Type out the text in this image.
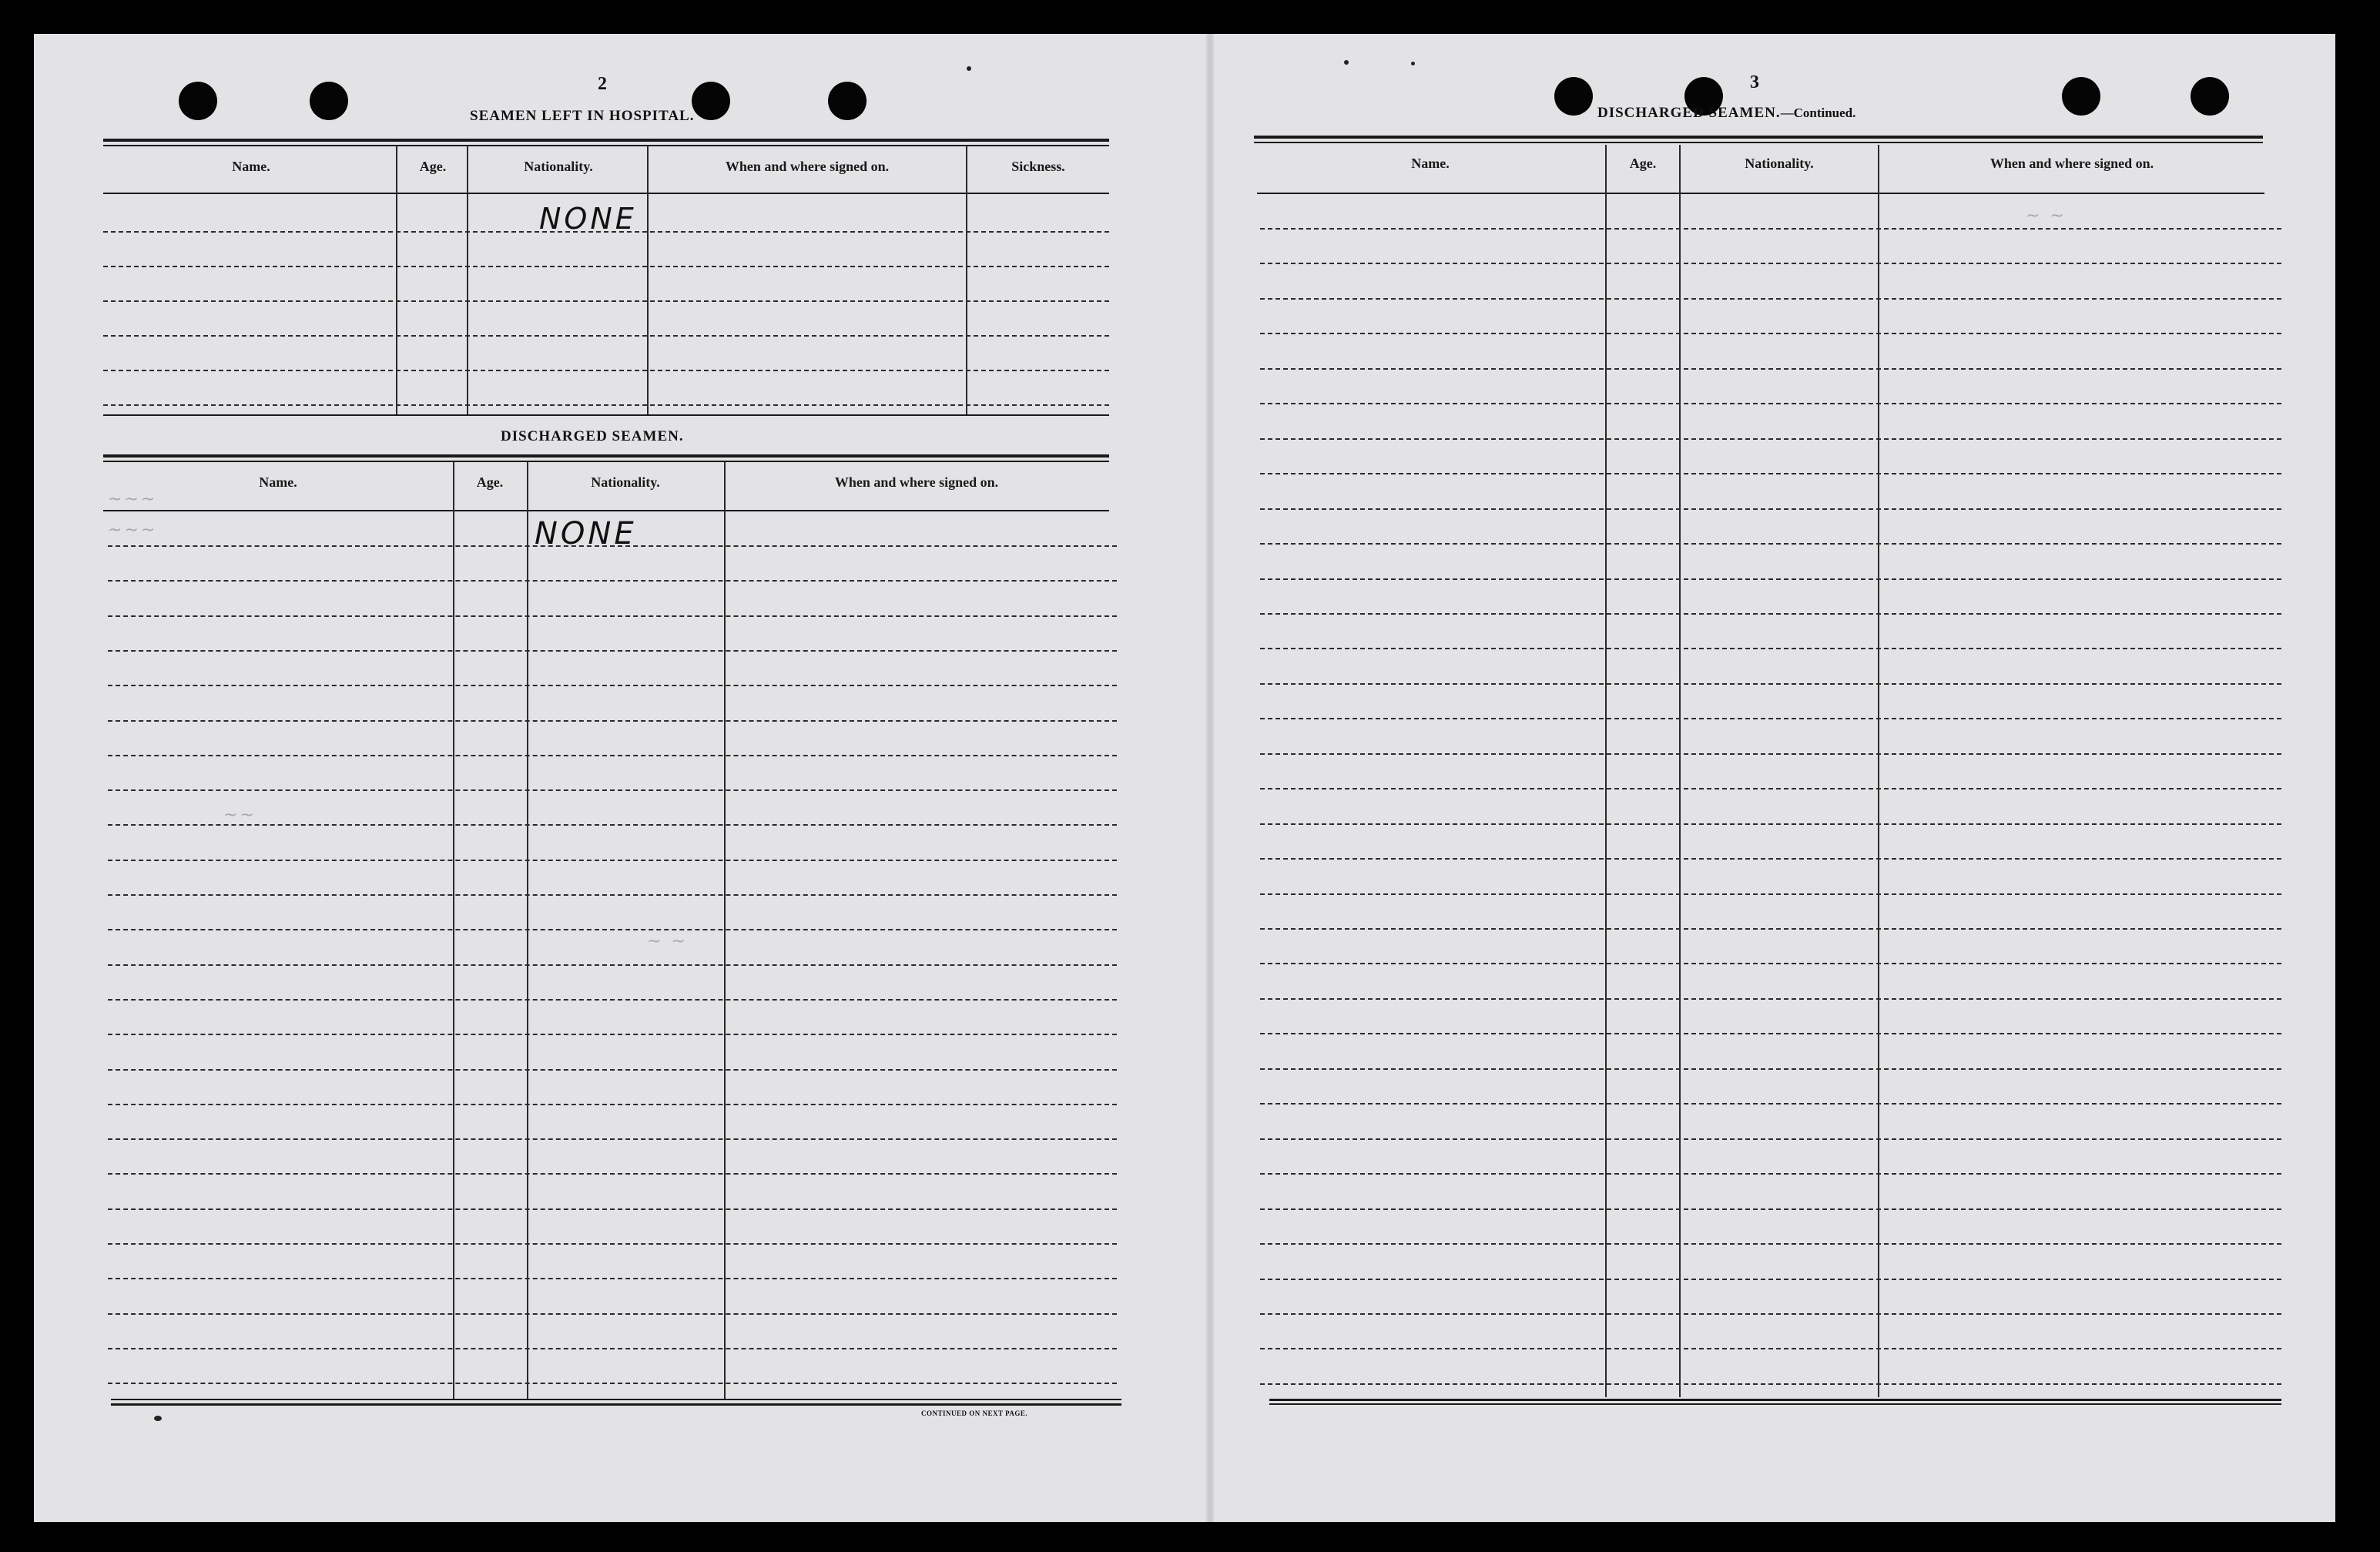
2
SEAMEN LEFT IN HOSPITAL.
Name.	Age.	Nationality.	When and where signed on.	Sickness.
NONE
DISCHARGED SEAMEN.
Name.	Age.	Nationality.	When and where signed on.
NONE
~~~
~~~
~~
~ ~
CONTINUED ON NEXT PAGE.
3
DISCHARGED SEAMEN.—Continued.
Name.	Age.	Nationality.	When and where signed on.
~ ~
